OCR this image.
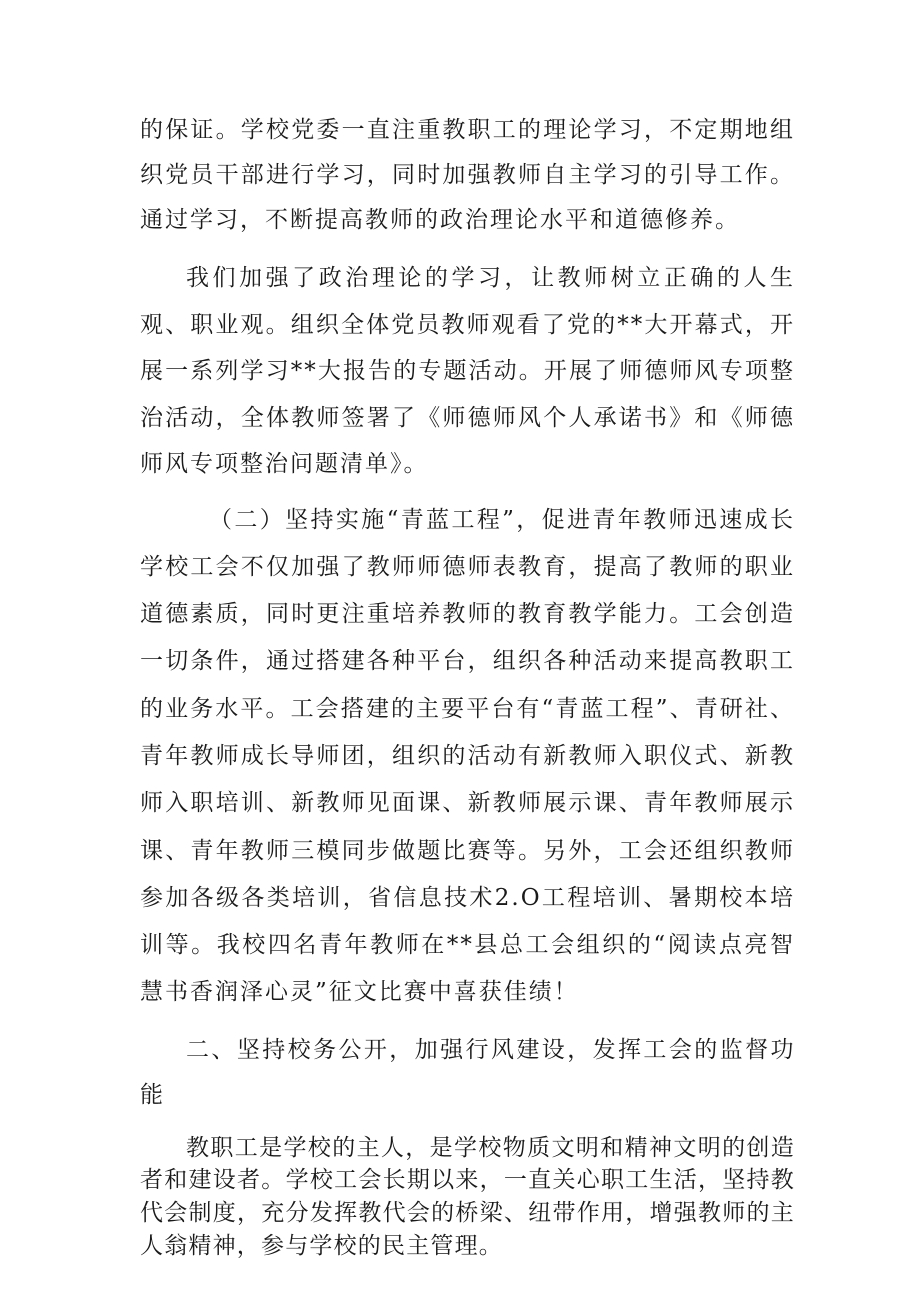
的保证。学校党委一直注重教职工的理论学习，不定期地组织党员干部进行学习，同时加强教师自主学习的引导工作。通过学习，不断提高教师的政治理论水平和道德修养。

我们加强了政治理论的学习，让教师树立正确的人生观、职业观。组织全体党员教师观看了党的**大开幕式，开展一系列学习**大报告的专题活动。开展了师德师风专项整治活动，全体教师签署了《师德师风个人承诺书》和《师德师风专项整治问题清单》。

（二）坚持实施“青蓝工程”，促进青年教师迅速成长学校工会不仅加强了教师师德师表教育，提高了教师的职业道德素质，同时更注重培养教师的教育教学能力。工会创造一切条件，通过搭建各种平台，组织各种活动来提高教职工的业务水平。工会搭建的主要平台有“青蓝工程”、青研社、青年教师成长导师团，组织的活动有新教师入职仪式、新教师入职培训、新教师见面课、新教师展示课、青年教师展示课、青年教师三模同步做题比赛等。另外，工会还组织教师参加各级各类培训，省信息技术2.O工程培训、暑期校本培训等。我校四名青年教师在**县总工会组织的“阅读点亮智慧书香润泽心灵”征文比赛中喜获佳绩！

二、坚持校务公开，加强行风建设，发挥工会的监督功能

教职工是学校的主人，是学校物质文明和精神文明的创造者和建设者。学校工会长期以来，一直关心职工生活，坚持教代会制度，充分发挥教代会的桥梁、纽带作用，增强教师的主人翁精神，参与学校的民主管理。
